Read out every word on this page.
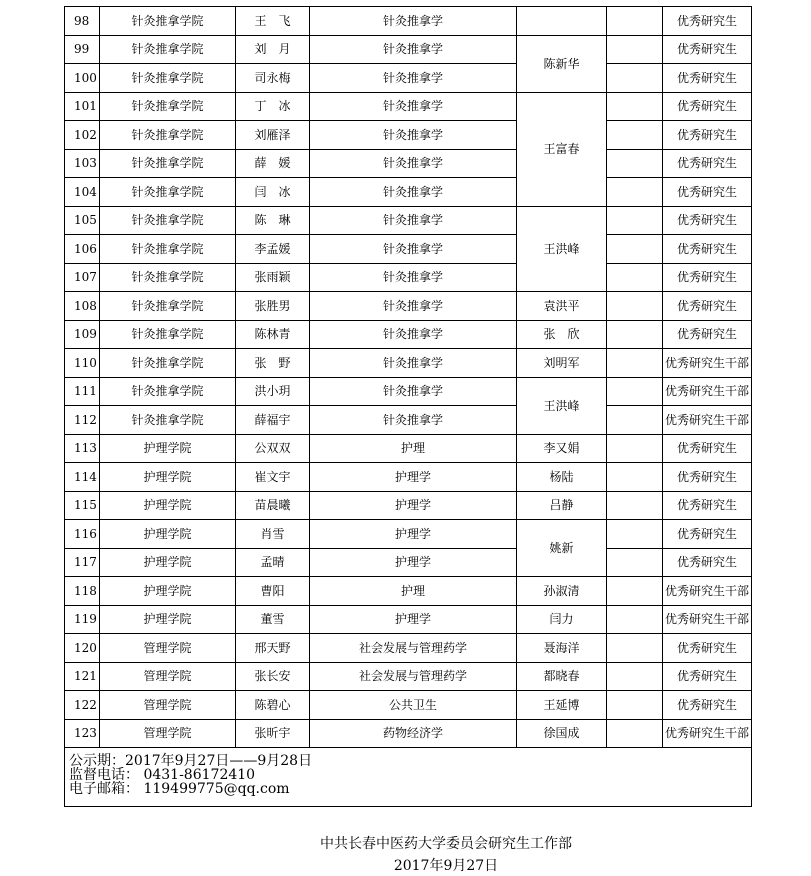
98	针灸推拿学院	王　飞	针灸推拿学			优秀研究生
99	针灸推拿学院	刘　月	针灸推拿学	陈新华		优秀研究生
100	针灸推拿学院	司永梅	针灸推拿学			优秀研究生
101	针灸推拿学院	丁　冰	针灸推拿学	王富春		优秀研究生
102	针灸推拿学院	刘雁泽	针灸推拿学			优秀研究生
103	针灸推拿学院	薛　媛	针灸推拿学			优秀研究生
104	针灸推拿学院	闫　冰	针灸推拿学			优秀研究生
105	针灸推拿学院	陈　琳	针灸推拿学	王洪峰		优秀研究生
106	针灸推拿学院	李孟媛	针灸推拿学			优秀研究生
107	针灸推拿学院	张雨颖	针灸推拿学			优秀研究生
108	针灸推拿学院	张胜男	针灸推拿学	袁洪平		优秀研究生
109	针灸推拿学院	陈林青	针灸推拿学	张　欣		优秀研究生
110	针灸推拿学院	张　野	针灸推拿学	刘明军		优秀研究生干部
111	针灸推拿学院	洪小玥	针灸推拿学	王洪峰		优秀研究生干部
112	针灸推拿学院	薛福宇	针灸推拿学			优秀研究生干部
113	护理学院	公双双	护理	李又娟		优秀研究生
114	护理学院	崔文宇	护理学	杨陆		优秀研究生
115	护理学院	苗晨曦	护理学	吕静		优秀研究生
116	护理学院	肖雪	护理学	姚新		优秀研究生
117	护理学院	孟晴	护理学			优秀研究生
118	护理学院	曹阳	护理	孙淑清		优秀研究生干部
119	护理学院	董雪	护理学	闫力		优秀研究生干部
120	管理学院	邢天野	社会发展与管理药学	聂海洋		优秀研究生
121	管理学院	张长安	社会发展与管理药学	都晓春		优秀研究生
122	管理学院	陈碧心	公共卫生	王延博		优秀研究生
123	管理学院	张昕宇	药物经济学	徐国成		优秀研究生干部

公示期：2017年9月27日——9月28日
监督电话： 0431-86172410
电子邮箱： 119499775@qq.com						
中共长春中医药大学委员会研究生工作部
2017年9月27日
